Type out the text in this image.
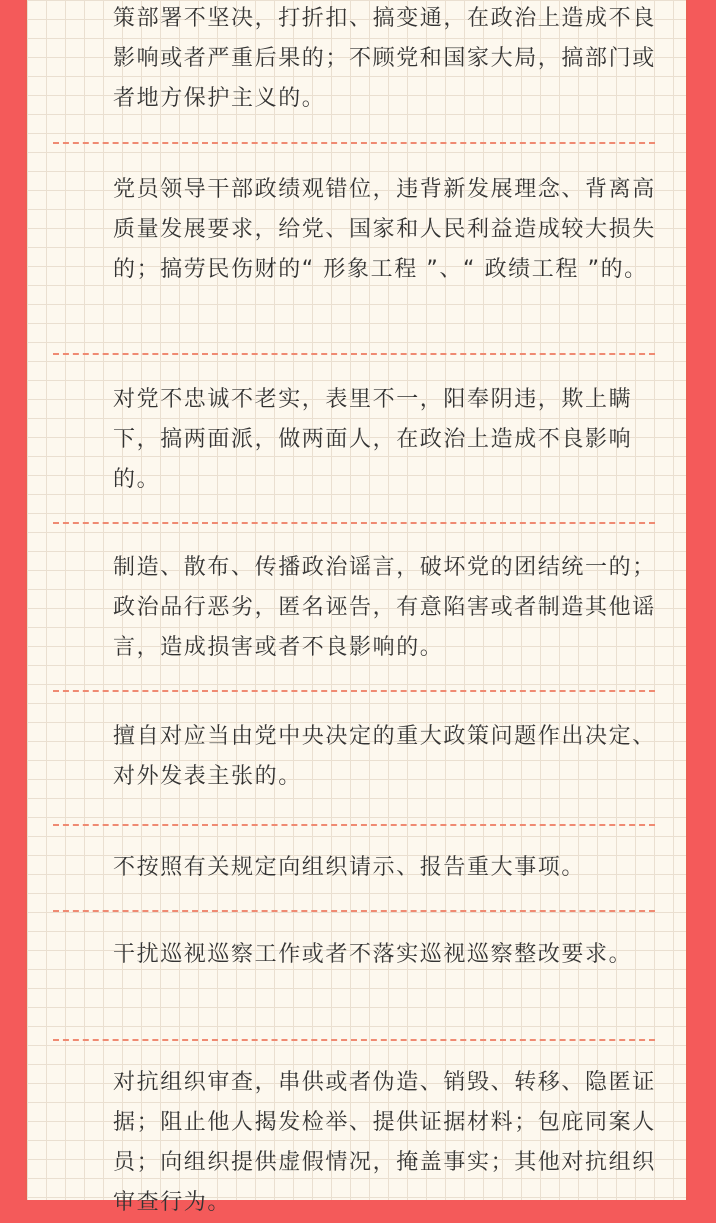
策部署不坚决，打折扣、搞变通，在政治上造成不良影响或者严重后果的；不顾党和国家大局，搞部门或者地方保护主义的。
党员领导干部政绩观错位，违背新发展理念、背离高质量发展要求，给党、国家和人民利益造成较大损失的；搞劳民伤财的“ 形象工程 ”、“ 政绩工程 ”的。
对党不忠诚不老实，表里不一，阳奉阴违，欺上瞒下，搞两面派，做两面人，在政治上造成不良影响的。
制造、散布、传播政治谣言，破坏党的团结统一的；政治品行恶劣，匿名诬告，有意陷害或者制造其他谣言，造成损害或者不良影响的。
擅自对应当由党中央决定的重大政策问题作出决定、对外发表主张的。
不按照有关规定向组织请示、报告重大事项。
干扰巡视巡察工作或者不落实巡视巡察整改要求。
对抗组织审查，串供或者伪造、销毁、转移、隐匿证据；阻止他人揭发检举、提供证据材料；包庇同案人员；向组织提供虚假情况，掩盖事实；其他对抗组织审查行为。
